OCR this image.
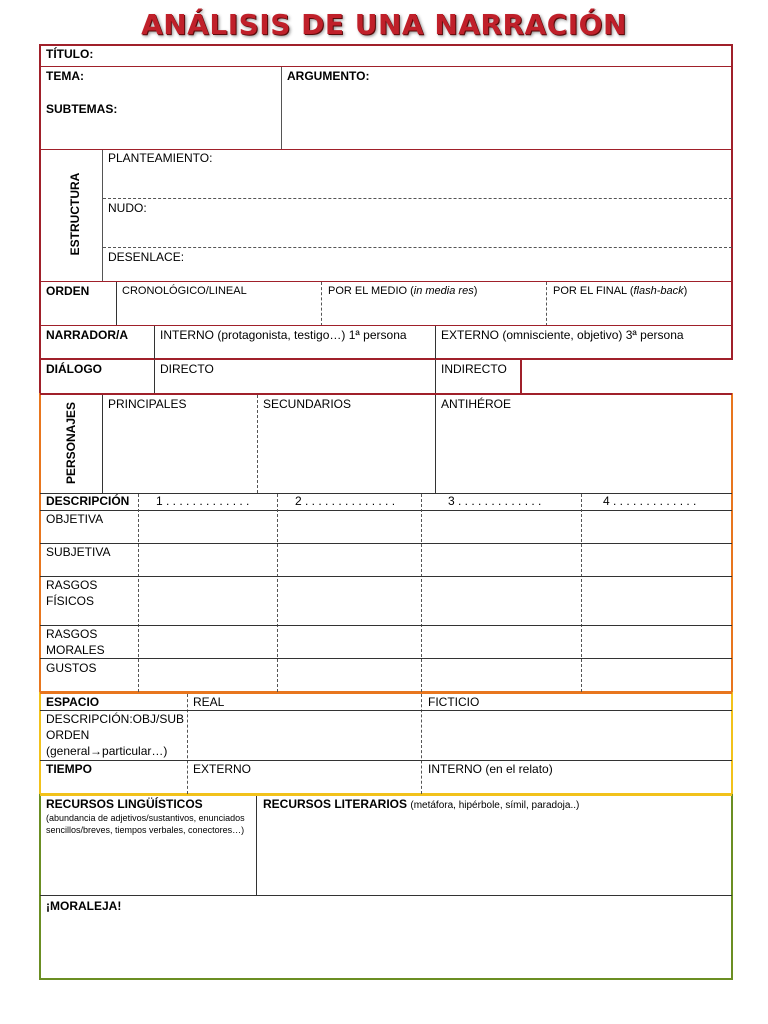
ANÁLISIS DE UNA NARRACIÓN
TÍTULO:
TEMA:
SUBTEMAS:
ARGUMENTO:
ESTRUCTURA
PLANTEAMIENTO:
NUDO:
DESENLACE:
ORDEN	CRONOLÓGICO/LINEAL	POR EL MEDIO (in media res)	POR EL FINAL (flash-back)
NARRADOR/A	INTERNO (protagonista, testigo…) 1ª persona	EXTERNO (omnisciente, objetivo) 3ª persona
DIÁLOGO	DIRECTO	INDIRECTO
PERSONAJES	PRINCIPALES	SECUNDARIOS	ANTIHÉROE
DESCRIPCIÓN 1 . . . . . . . . . . . . .	2 . . . . . . . . . . . . . .	3 . . . . . . . . . . . . .	4 . . . . . . . . . . . . .
OBJETIVA
SUBJETIVA
RASGOS
FÍSICOS
RASGOS
MORALES
GUSTOS
ESPACIO	REAL	FICTICIO
DESCRIPCIÓN:OBJ/SUB
ORDEN
(general→particular…)
TIEMPO	EXTERNO	INTERNO (en el relato)
RECURSOS LINGÜÍSTICOS
(abundancia de adjetivos/sustantivos, enunciados sencillos/breves, tiempos verbales, conectores…)
RECURSOS LITERARIOS (metáfora, hipérbole, símil, paradoja..)
¡MORALEJA!
